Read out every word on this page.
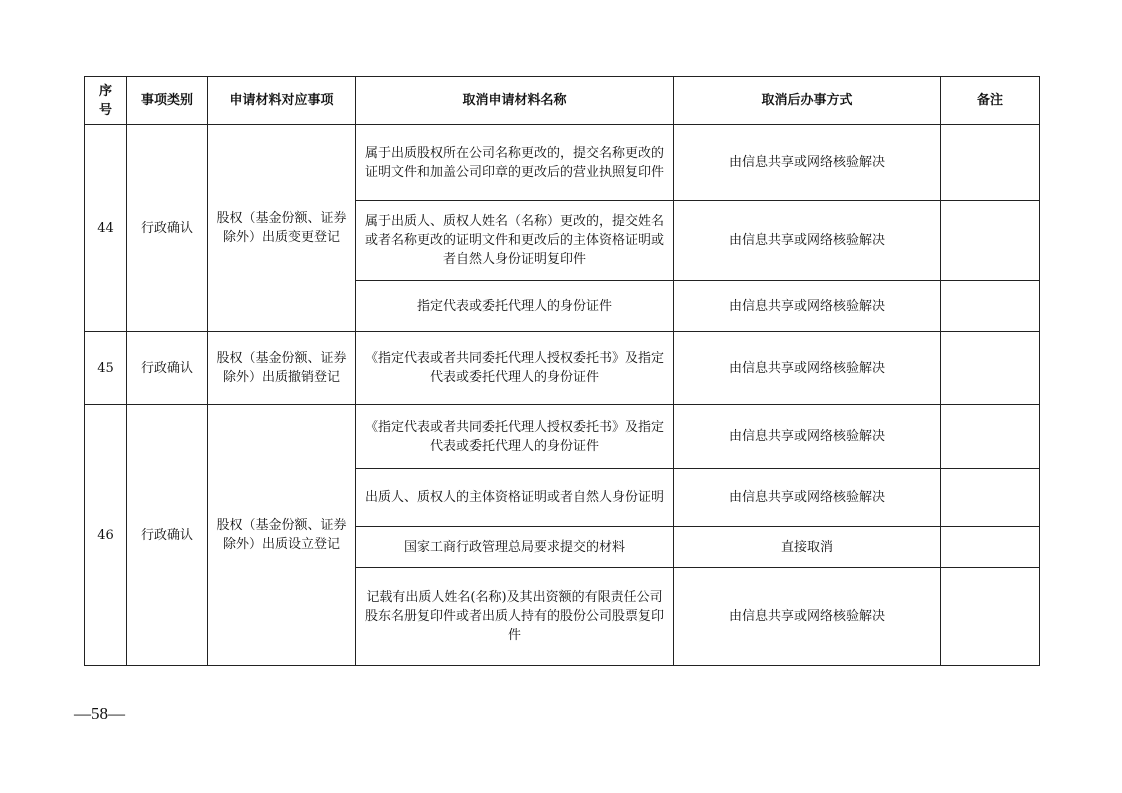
序号	事项类别	申请材料对应事项	取消申请材料名称	取消后办事方式	备注
44	行政确认	股权（基金份额、证券除外）出质变更登记	属于出质股权所在公司名称更改的，提交名称更改的证明文件和加盖公司印章的更改后的营业执照复印件	由信息共享或网络核验解决	
			属于出质人、质权人姓名（名称）更改的，提交姓名或者名称更改的证明文件和更改后的主体资格证明或者自然人身份证明复印件	由信息共享或网络核验解决	
			指定代表或委托代理人的身份证件	由信息共享或网络核验解决	
45	行政确认	股权（基金份额、证券除外）出质撤销登记	《指定代表或者共同委托代理人授权委托书》及指定代表或委托代理人的身份证件	由信息共享或网络核验解决	
46	行政确认	股权（基金份额、证券除外）出质设立登记	《指定代表或者共同委托代理人授权委托书》及指定代表或委托代理人的身份证件	由信息共享或网络核验解决	
			出质人、质权人的主体资格证明或者自然人身份证明	由信息共享或网络核验解决	
			国家工商行政管理总局要求提交的材料	直接取消	
			记载有出质人姓名(名称)及其出资额的有限责任公司股东名册复印件或者出质人持有的股份公司股票复印件	由信息共享或网络核验解决	
—58—
